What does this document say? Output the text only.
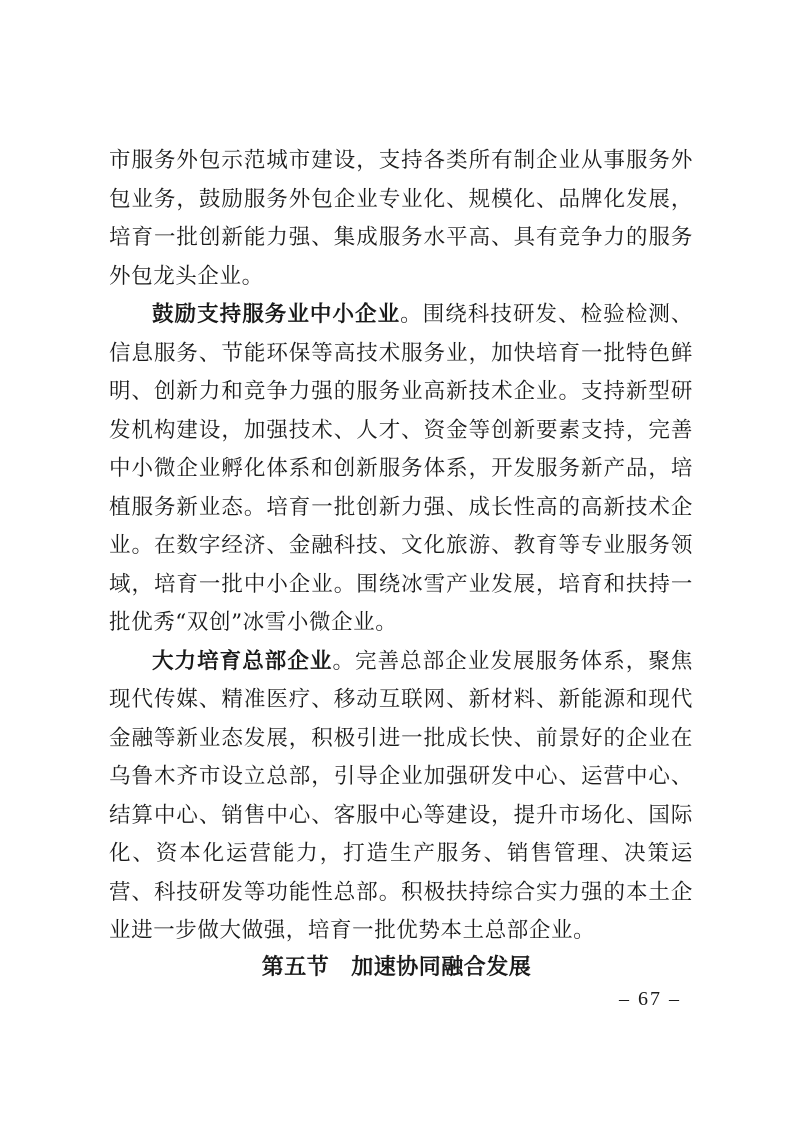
市服务外包示范城市建设，支持各类所有制企业从事服务外包业务，鼓励服务外包企业专业化、规模化、品牌化发展，培育一批创新能力强、集成服务水平高、具有竞争力的服务外包龙头企业。

鼓励支持服务业中小企业。围绕科技研发、检验检测、信息服务、节能环保等高技术服务业，加快培育一批特色鲜明、创新力和竞争力强的服务业高新技术企业。支持新型研发机构建设，加强技术、人才、资金等创新要素支持，完善中小微企业孵化体系和创新服务体系，开发服务新产品，培植服务新业态。培育一批创新力强、成长性高的高新技术企业。在数字经济、金融科技、文化旅游、教育等专业服务领域，培育一批中小企业。围绕冰雪产业发展，培育和扶持一批优秀“双创”冰雪小微企业。

大力培育总部企业。完善总部企业发展服务体系，聚焦现代传媒、精准医疗、移动互联网、新材料、新能源和现代金融等新业态发展，积极引进一批成长快、前景好的企业在乌鲁木齐市设立总部，引导企业加强研发中心、运营中心、结算中心、销售中心、客服中心等建设，提升市场化、国际化、资本化运营能力，打造生产服务、销售管理、决策运营、科技研发等功能性总部。积极扶持综合实力强的本土企业进一步做大做强，培育一批优势本土总部企业。

第五节 加速协同融合发展
– 67 –
